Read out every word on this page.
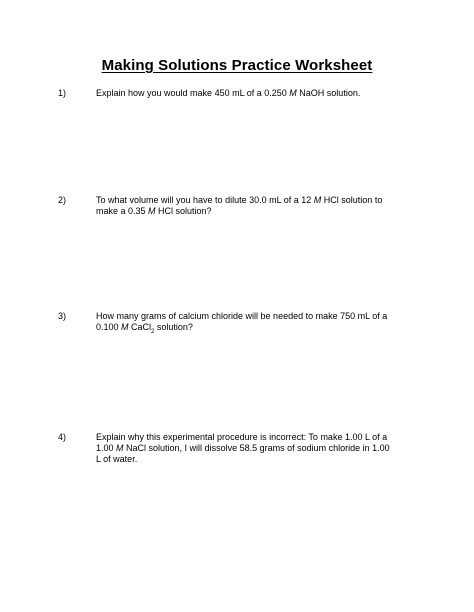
Making Solutions Practice Worksheet
1)	Explain how you would make 450 mL of a 0.250 M NaOH solution.
2)	To what volume will you have to dilute 30.0 mL of a 12 M HCl solution to
make a 0.35 M HCl solution?
3)	How many grams of calcium chloride will be needed to make 750 mL of a
0.100 M CaCl$_2$ solution?
4)	Explain why this experimental procedure is incorrect: To make 1.00 L of a
1.00 M NaCl solution, I will dissolve 58.5 grams of sodium chloride in 1.00
L of water.
